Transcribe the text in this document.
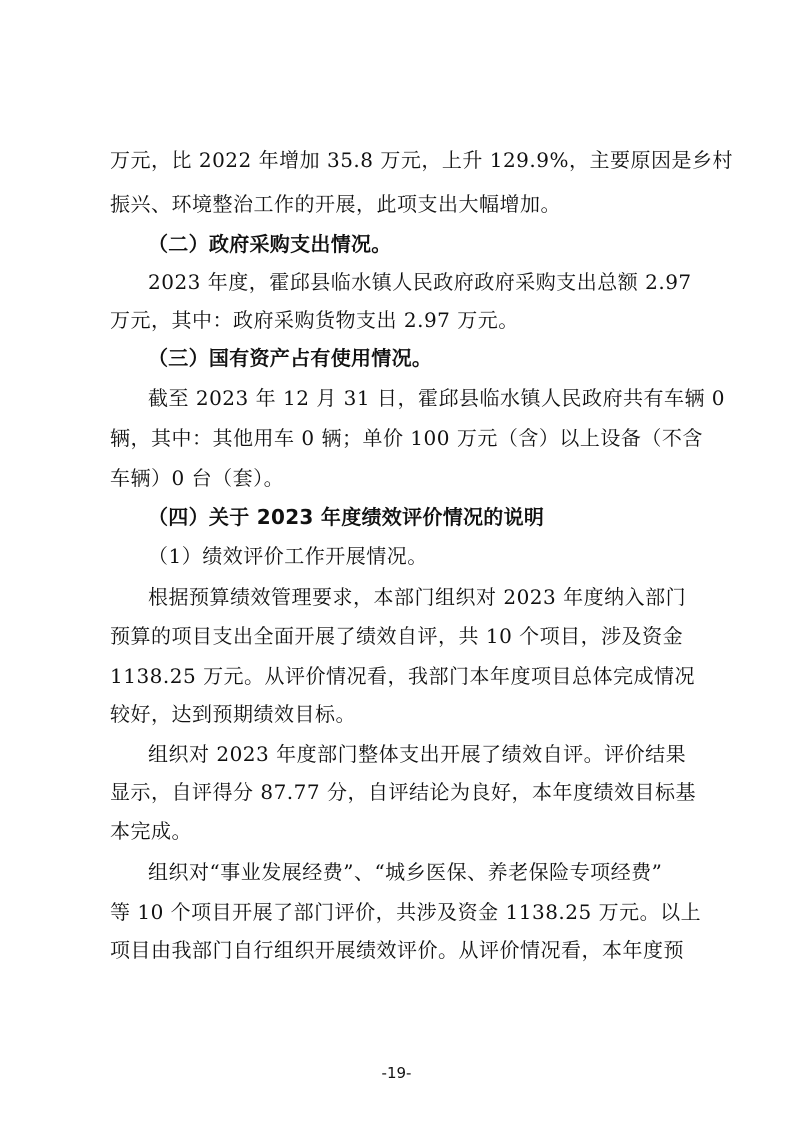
万元，比 2022 年增加 35.8 万元，上升 129.9%，主要原因是乡村
振兴、环境整治工作的开展，此项支出大幅增加。
（二）政府采购支出情况。
2023 年度，霍邱县临水镇人民政府政府采购支出总额 2.97
万元，其中：政府采购货物支出 2.97 万元。
（三）国有资产占有使用情况。
截至 2023 年 12 月 31 日，霍邱县临水镇人民政府共有车辆 0
辆，其中：其他用车 0 辆；单价 100 万元（含）以上设备（不含
车辆）0 台（套）。
（四）关于 2023 年度绩效评价情况的说明
（1）绩效评价工作开展情况。
根据预算绩效管理要求，本部门组织对 2023 年度纳入部门
预算的项目支出全面开展了绩效自评，共 10 个项目，涉及资金
1138.25 万元。从评价情况看，我部门本年度项目总体完成情况
较好，达到预期绩效目标。
组织对 2023 年度部门整体支出开展了绩效自评。评价结果
显示，自评得分 87.77 分，自评结论为良好，本年度绩效目标基
本完成。
组织对“事业发展经费”、“城乡医保、养老保险专项经费”
等 10 个项目开展了部门评价，共涉及资金 1138.25 万元。以上
项目由我部门自行组织开展绩效评价。从评价情况看，本年度预
-19-
